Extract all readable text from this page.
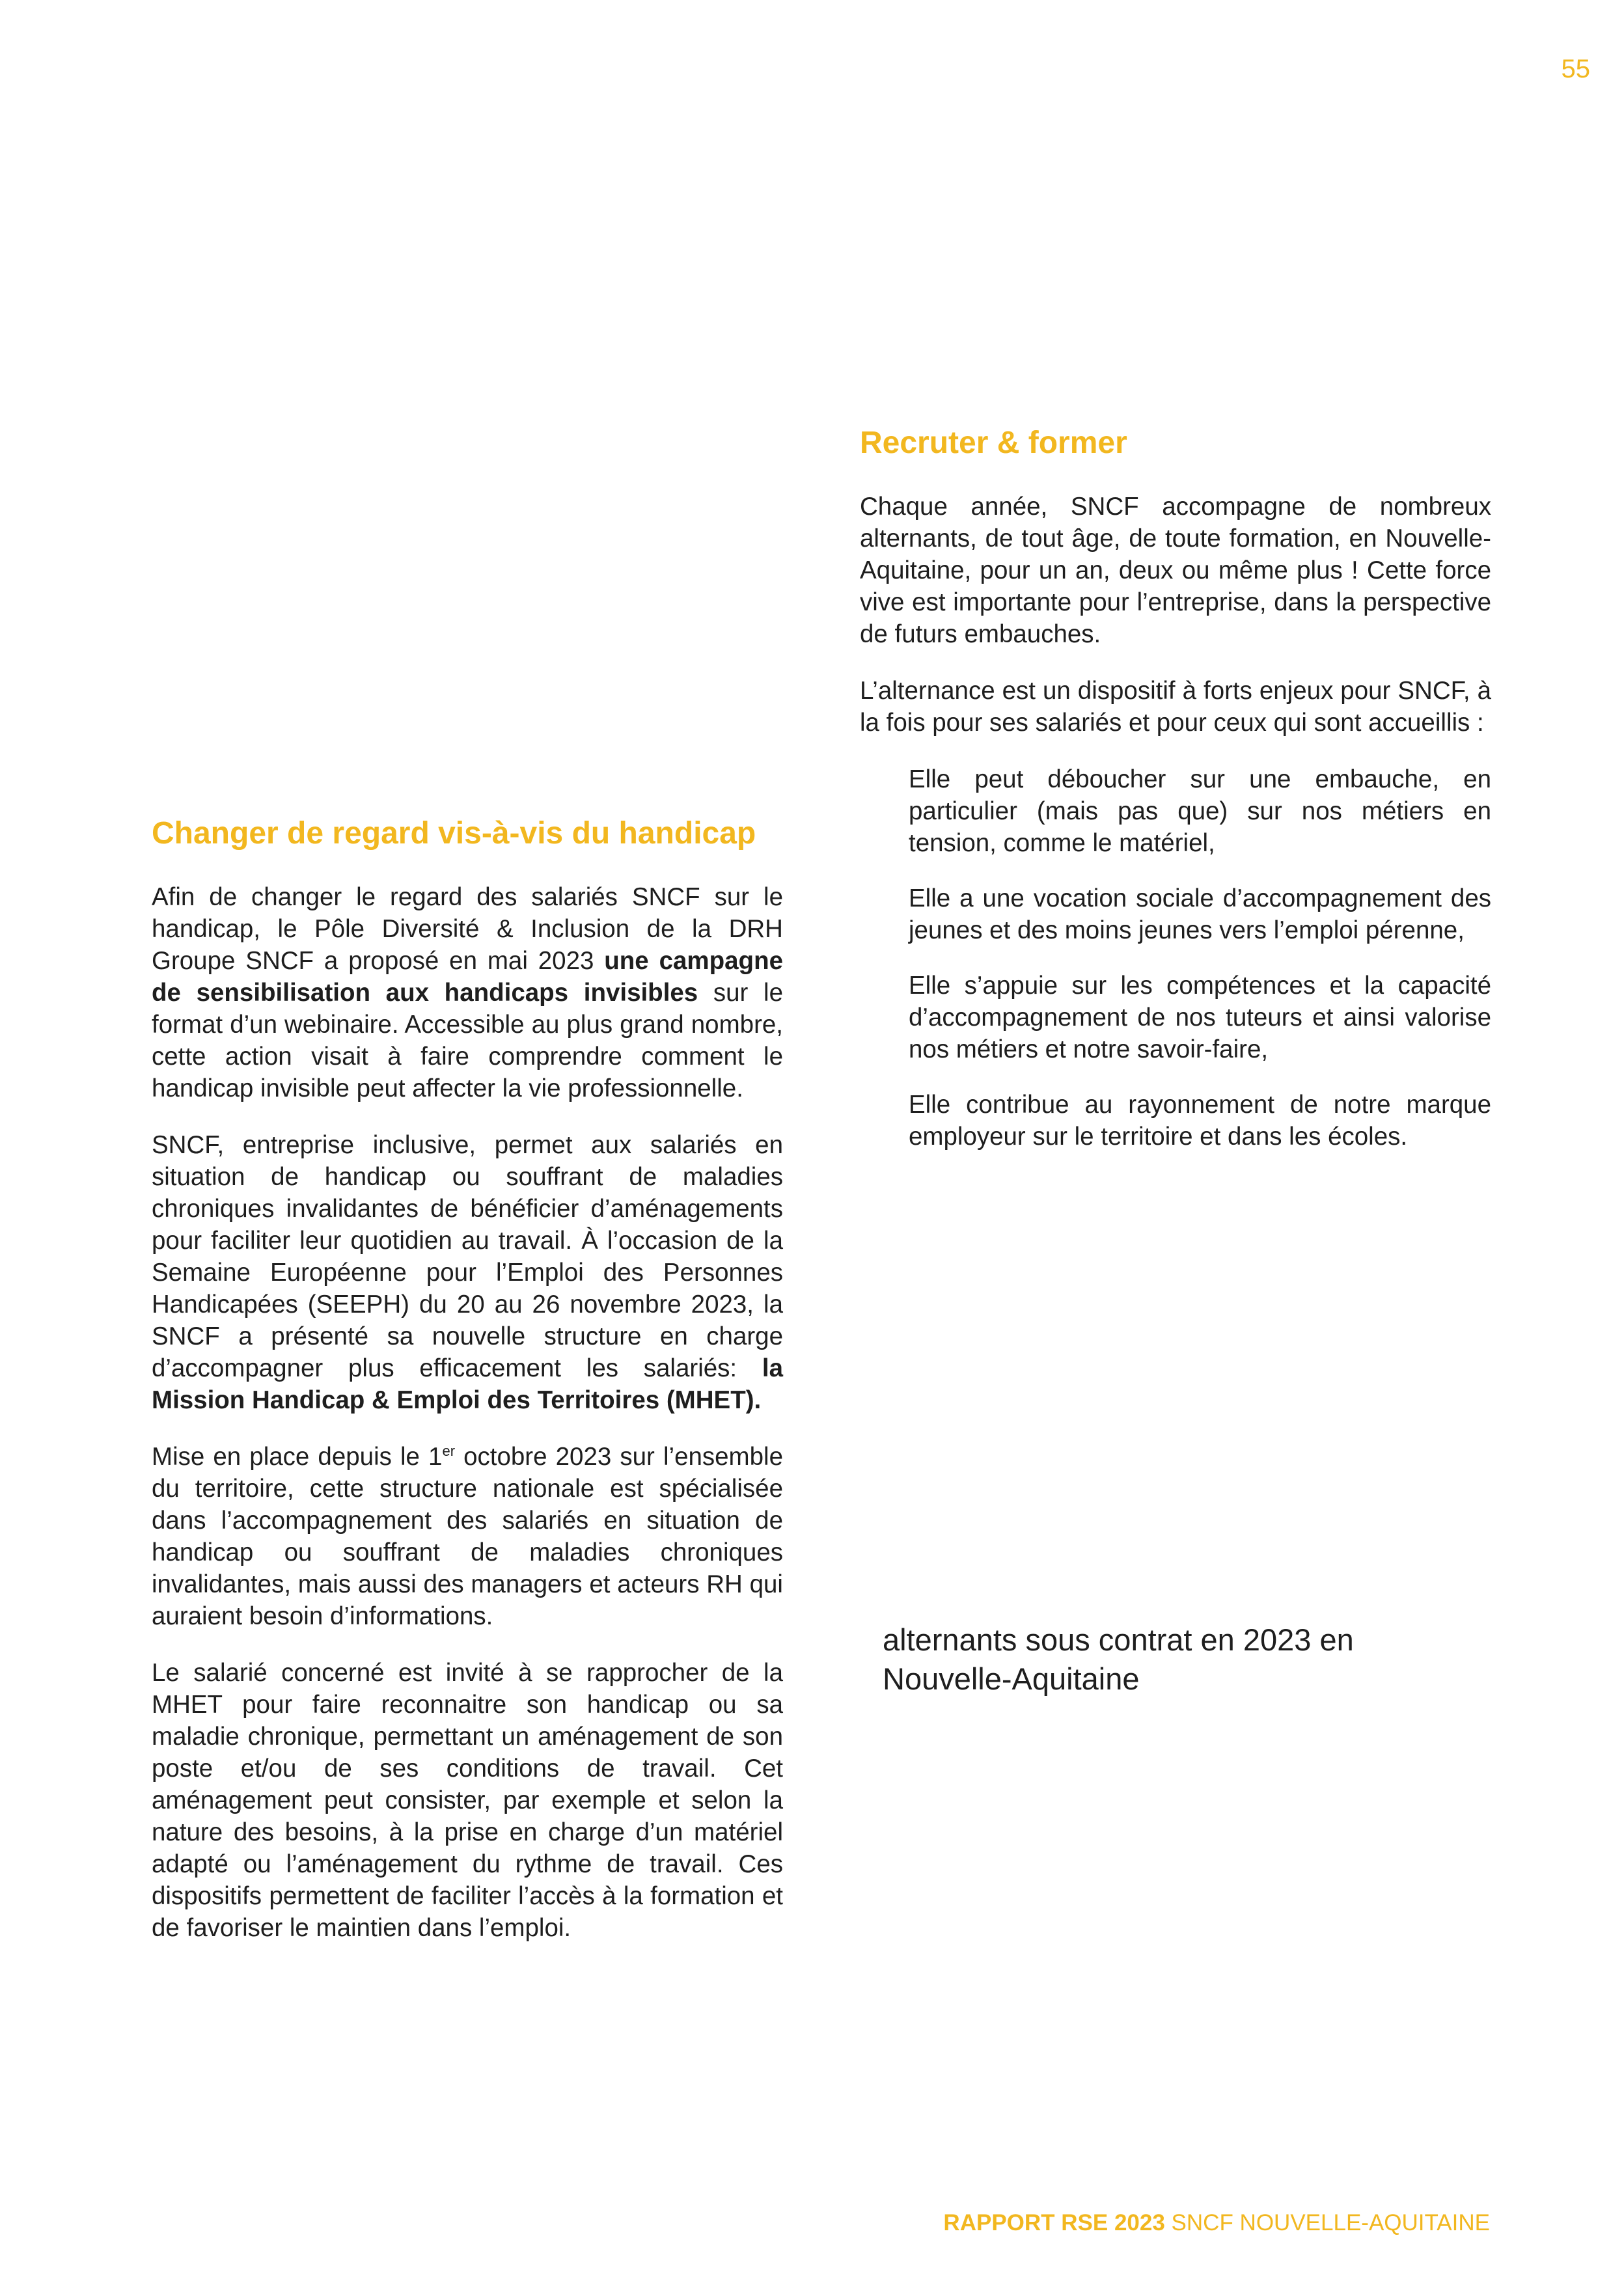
55
Changer de regard vis-à-vis du handicap

Afin de changer le regard des salariés SNCF sur le handicap, le Pôle Diversité & Inclusion de la DRH Groupe SNCF a proposé en mai 2023 une campagne de sensibilisation aux handicaps invisibles sur le format d’un webinaire. Accessible au plus grand nombre, cette action visait à faire comprendre comment le handicap invisible peut affecter la vie professionnelle.

SNCF, entreprise inclusive, permet aux salariés en situation de handicap ou souffrant de maladies chroniques invalidantes de bénéficier d’aménagements pour faciliter leur quotidien au travail. À l’occasion de la Semaine Européenne pour l’Emploi des Personnes Handicapées (SEEPH) du 20 au 26 novembre 2023, la SNCF a présenté sa nouvelle structure en charge d’accompagner plus efficacement les salariés: la Mission Handicap & Emploi des Territoires (MHET).

Mise en place depuis le 1er octobre 2023 sur l’ensemble du territoire, cette structure nationale est spécialisée dans l’accompagnement des salariés en situation de handicap ou souffrant de maladies chroniques invalidantes, mais aussi des managers et acteurs RH qui auraient besoin d’informations.

Le salarié concerné est invité à se rapprocher de la MHET pour faire reconnaitre son handicap ou sa maladie chronique, permettant un aménagement de son poste et/ou de ses conditions de travail. Cet aménagement peut consister, par exemple et selon la nature des besoins, à la prise en charge d’un matériel adapté ou l’aménagement du rythme de travail. Ces dispositifs permettent de faciliter l’accès à la formation et de favoriser le maintien dans l’emploi.

Recruter & former

Chaque année, SNCF accompagne de nombreux alternants, de tout âge, de toute formation, en Nouvelle-Aquitaine, pour un an, deux ou même plus ! Cette force vive est importante pour l’entreprise, dans la perspective de futurs embauches.

L’alternance est un dispositif à forts enjeux pour SNCF, à la fois pour ses salariés et pour ceux qui sont accueillis :

Elle peut déboucher sur une embauche, en particulier (mais pas que) sur nos métiers en tension, comme le matériel,
Elle a une vocation sociale d’accompagnement des jeunes et des moins jeunes vers l’emploi pérenne,
Elle s’appuie sur les compétences et la capacité d’accompagnement de nos tuteurs et ainsi valorise nos métiers et notre savoir-faire,
Elle contribue au rayonnement de notre marque employeur sur le territoire et dans les écoles.
alternants sous contrat en 2023 en Nouvelle-Aquitaine
RAPPORT RSE 2023 SNCF NOUVELLE-AQUITAINE
